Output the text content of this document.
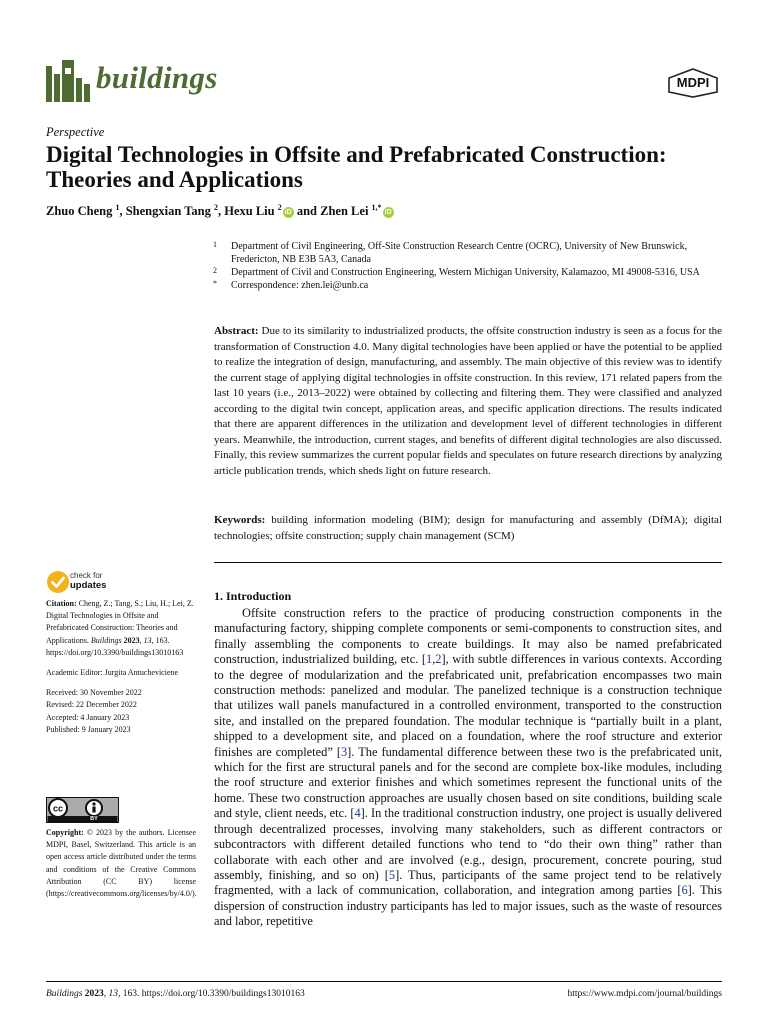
buildings	MDPI
Perspective
Digital Technologies in Offsite and Prefabricated Construction: Theories and Applications
Zhuo Cheng $^1$, Shengxian Tang $^2$, Hexu Liu $^2$iD and Zhen Lei $^{1,*}$iD
1 Department of Civil Engineering, Off-Site Construction Research Centre (OCRC), University of New Brunswick, Fredericton, NB E3B 5A3, Canada
2 Department of Civil and Construction Engineering, Western Michigan University, Kalamazoo, MI 49008-5316, USA
* Correspondence: zhen.lei@unb.ca
Abstract: Due to its similarity to industrialized products, the offsite construction industry is seen as a focus for the transformation of Construction 4.0. Many digital technologies have been applied or have the potential to be applied to realize the integration of design, manufacturing, and assembly. The main objective of this review was to identify the current stage of applying digital technologies in offsite construction. In this review, 171 related papers from the last 10 years (i.e., 2013–2022) were obtained by collecting and filtering them. They were classified and analyzed according to the digital twin concept, application areas, and specific application directions. The results indicated that there are apparent differences in the utilization and development level of different technologies in different years. Meanwhile, the introduction, current stages, and benefits of different digital technologies are also discussed. Finally, this review summarizes the current popular fields and speculates on future research directions by analyzing article publication trends, which sheds light on future research.
Keywords: building information modeling (BIM); design for manufacturing and assembly (DfMA); digital technologies; offsite construction; supply chain management (SCM)
check for
updates

Citation: Cheng, Z.; Tang, S.; Liu, H.; Lei, Z. Digital Technologies in Offsite and Prefabricated Construction: Theories and Applications. Buildings 2023, 13, 163. https://doi.org/10.3390/buildings13010163

Academic Editor: Jurgita Antucheviciene

Received: 30 November 2022

Revised: 22 December 2022

Accepted: 4 January 2023

Published: 9 January 2023

cc
BY

Copyright: © 2023 by the authors. Licensee MDPI, Basel, Switzerland. This article is an open access article distributed under the terms and conditions of the Creative Commons Attribution (CC BY) license (https://creativecommons.org/licenses/by/4.0/).

1. Introduction

Offsite construction refers to the practice of producing construction components in the manufacturing factory, shipping complete components or semi-components to construction sites, and finally assembling the components to create buildings. It may also be named prefabricated construction, industrialized building, etc. [1,2], with subtle differences in various contexts. According to the degree of modularization and the prefabricated unit, prefabrication encompasses two main construction methods: panelized and modular. The panelized technique is a construction technique that utilizes wall panels manufactured in a controlled environment, transported to the construction site, and installed on the prepared foundation. The modular technique is “partially built in a plant, shipped to a development site, and placed on a foundation, where the roof structure and exterior finishes are completed” [3]. The fundamental difference between these two is the prefabricated unit, which for the first are structural panels and for the second are complete box-like modules, including the roof structure and exterior finishes and which sometimes represent the functional units of the home. These two construction approaches are usually chosen based on site conditions, building scale and style, client needs, etc. [4]. In the traditional construction industry, one project is usually delivered through decentralized processes, involving many stakeholders, such as different contractors or subcontractors with different detailed functions who tend to “do their own thing” rather than collaborate with each other and are involved (e.g., design, procurement, concrete pouring, stud assembly, finishing, and so on) [5]. Thus, participants of the same project tend to be relatively fragmented, with a lack of communication, collaboration, and integration among parties [6]. This dispersion of construction industry participants has led to major issues, such as the waste of resources and labor, repetitive

Buildings 2023, 13, 163. https://doi.org/10.3390/buildings13010163	https://www.mdpi.com/journal/buildings
